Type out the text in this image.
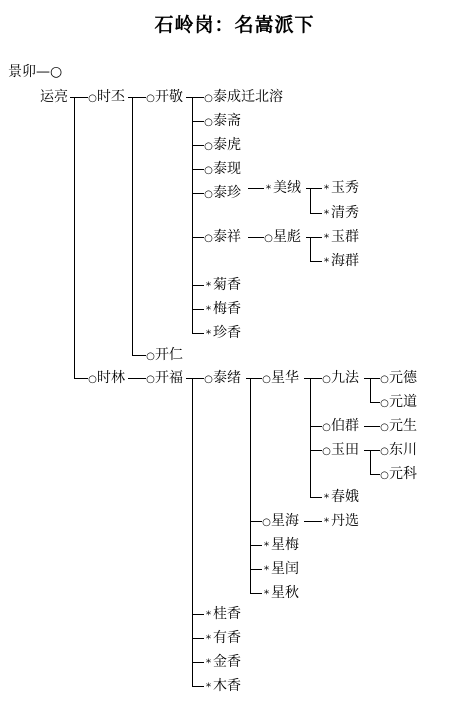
石岭岗：名嵩派下
景卯—○
运亮 ○时丕 ○开敬 ○泰成迁北溶
○泰斋
○泰虎
○泰现
○泰珍	* 美绒 * 玉秀
* 清秀
○泰祥 ○星彪 * 玉群
* 海群
* 菊香
* 梅香
* 珍香
○开仁
○时林 ○开福 ○泰绪 ○星华 ○九法 ○元德
○元道
○伯群 ○元生
○玉田 ○东川
○元科
* 春娥
○星海	* 丹选
* 星梅
* 星闰
* 星秋
* 桂香
* 有香
* 金香
* 木香
